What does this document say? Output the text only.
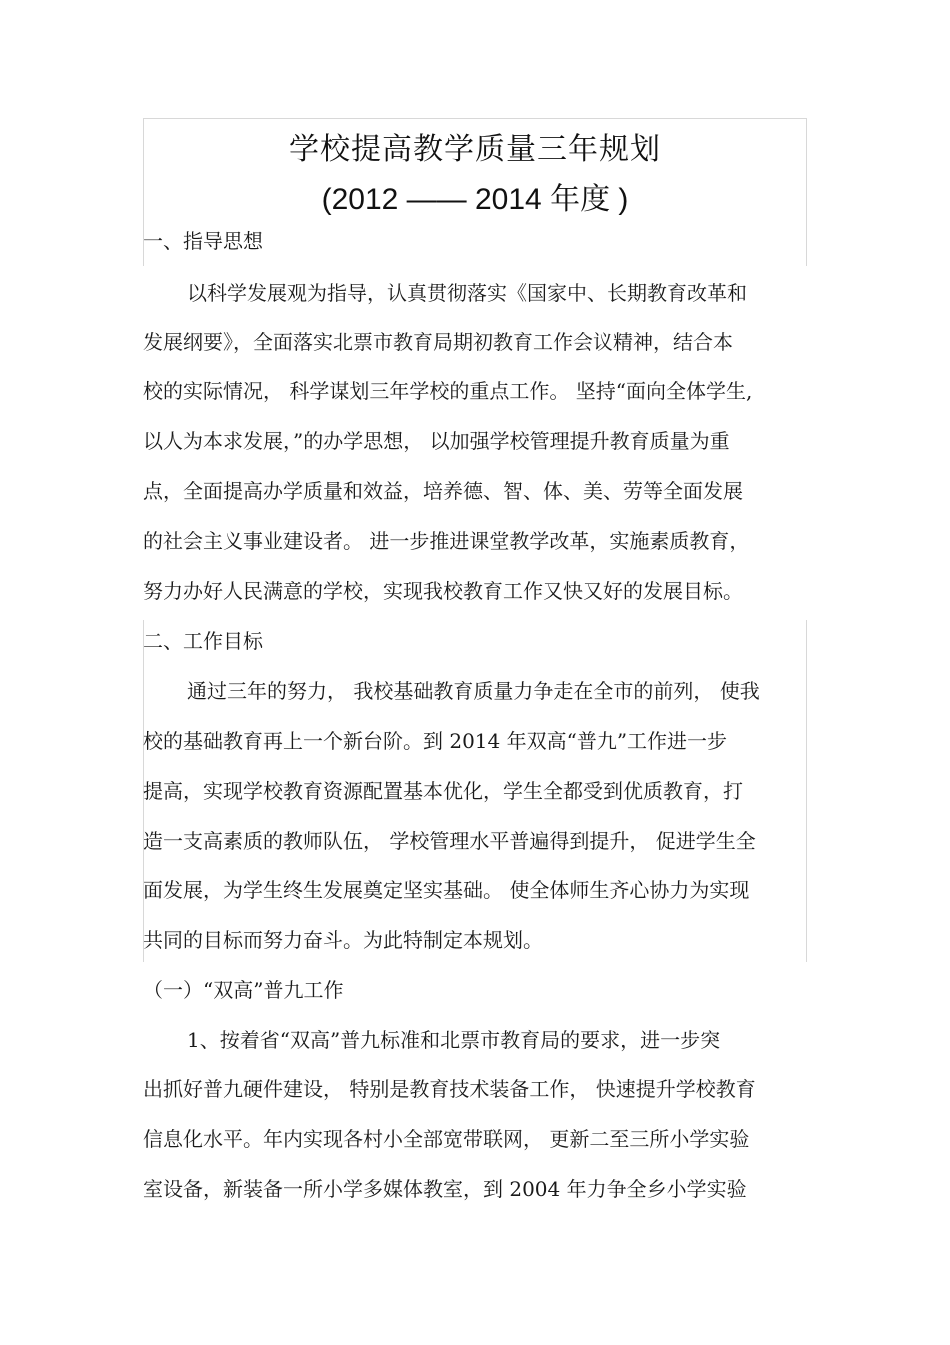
学校提高教学质量三年规划
(2012 —— 2014 年度 )
一、指导思想
以科学发展观为指导，认真贯彻落实《国家中、长期教育改革和
发展纲要》，全面落实北票市教育局期初教育工作会议精神，结合本
校的实际情况， 科学谋划三年学校的重点工作。 坚持“面向全体学生,
以人为本求发展，”的办学思想， 以加强学校管理提升教育质量为重
点，全面提高办学质量和效益，培养德、智、体、美、劳等全面发展
的社会主义事业建设者。 进一步推进课堂教学改革，实施素质教育，
努力办好人民满意的学校，实现我校教育工作又快又好的发展目标。
二、工作目标
通过三年的努力， 我校基础教育质量力争走在全市的前列， 使我
校的基础教育再上一个新台阶。到 2014 年双高“普九”工作进一步
提高，实现学校教育资源配置基本优化，学生全都受到优质教育，打
造一支高素质的教师队伍， 学校管理水平普遍得到提升， 促进学生全
面发展，为学生终生发展奠定坚实基础。 使全体师生齐心协力为实现
共同的目标而努力奋斗。为此特制定本规划。
（一）“双高”普九工作
1、按着省“双高”普九标准和北票市教育局的要求，进一步突
出抓好普九硬件建设， 特别是教育技术装备工作， 快速提升学校教育
信息化水平。年内实现各村小全部宽带联网， 更新二至三所小学实验
室设备，新装备一所小学多媒体教室，到 2004 年力争全乡小学实验
